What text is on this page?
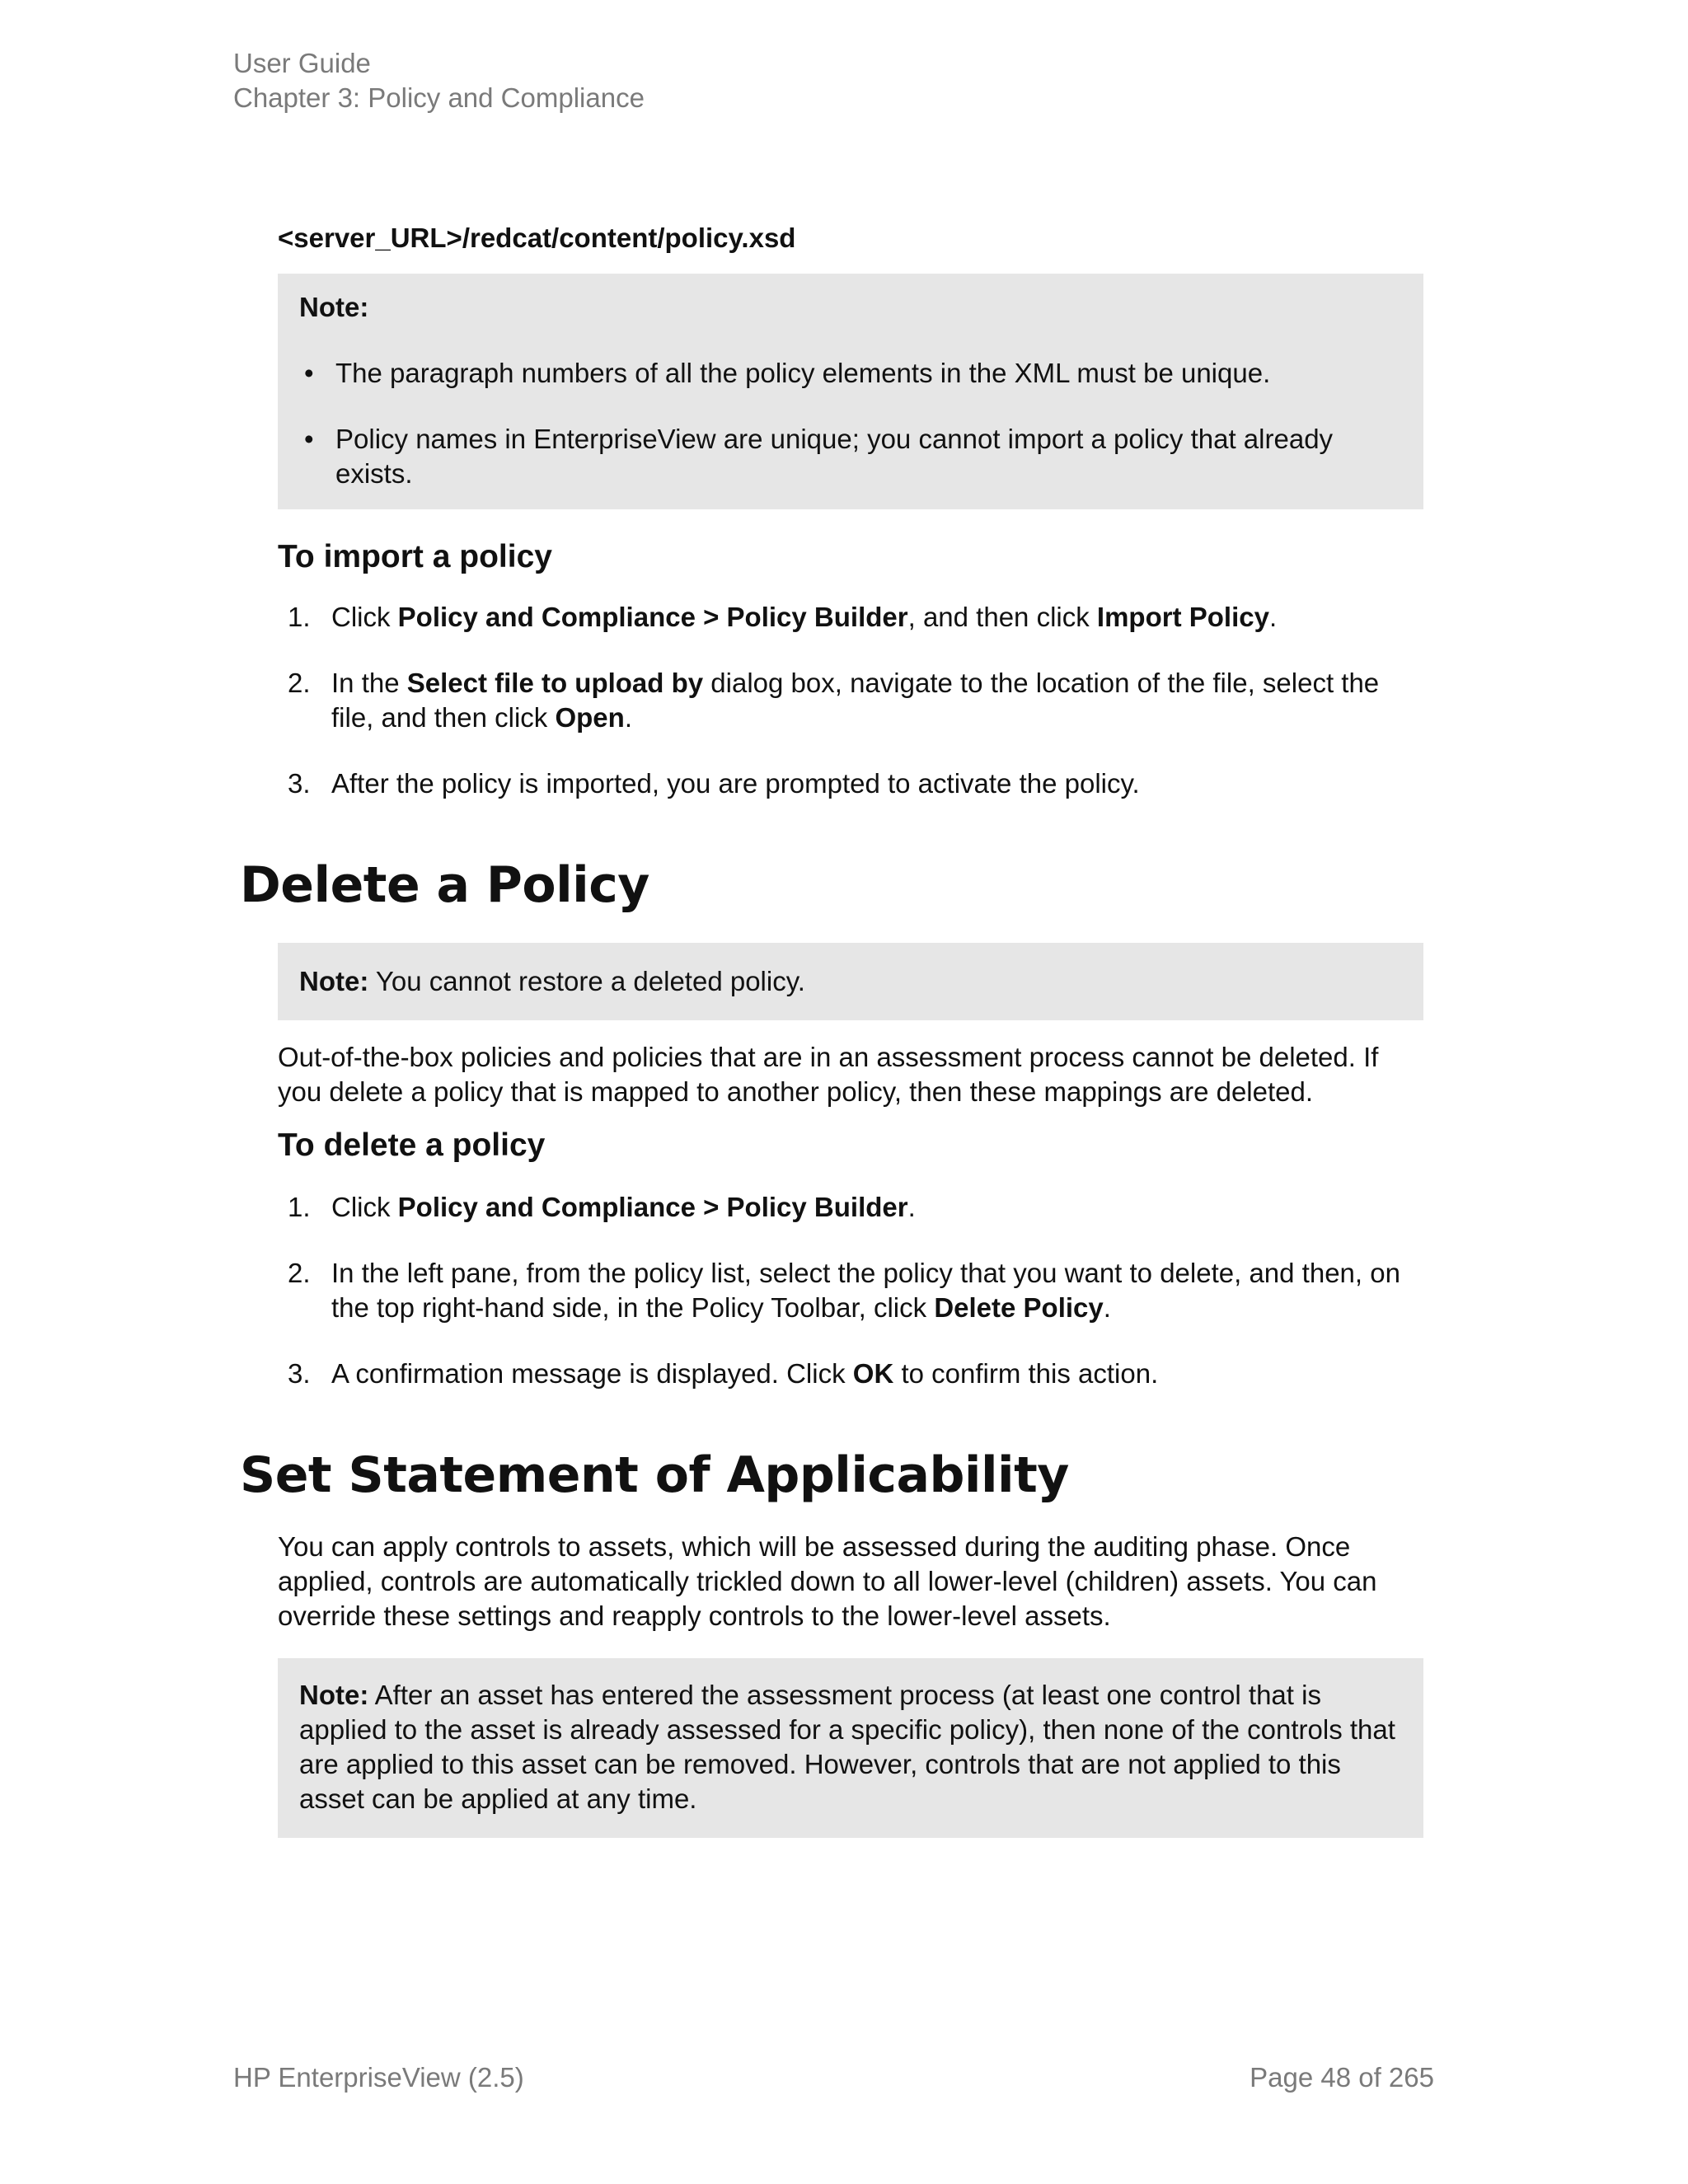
User Guide
Chapter 3: Policy and Compliance
<server_URL>/redcat/content/policy.xsd
Note:
• The paragraph numbers of all the policy elements in the XML must be unique.
• Policy names in EnterpriseView are unique; you cannot import a policy that already exists.
To import a policy
1. Click Policy and Compliance > Policy Builder, and then click Import Policy.
2. In the Select file to upload by dialog box, navigate to the location of the file, select the file, and then click Open.
3. After the policy is imported, you are prompted to activate the policy.
Delete a Policy
Note: You cannot restore a deleted policy.
Out-of-the-box policies and policies that are in an assessment process cannot be deleted. If you delete a policy that is mapped to another policy, then these mappings are deleted.
To delete a policy
1. Click Policy and Compliance > Policy Builder.
2. In the left pane, from the policy list, select the policy that you want to delete, and then, on the top right-hand side, in the Policy Toolbar, click Delete Policy.
3. A confirmation message is displayed. Click OK to confirm this action.
Set Statement of Applicability
You can apply controls to assets, which will be assessed during the auditing phase. Once applied, controls are automatically trickled down to all lower-level (children) assets. You can override these settings and reapply controls to the lower-level assets.
Note: After an asset has entered the assessment process (at least one control that is applied to the asset is already assessed for a specific policy), then none of the controls that are applied to this asset can be removed. However, controls that are not applied to this asset can be applied at any time.
HP EnterpriseView (2.5)	Page 48 of 265
